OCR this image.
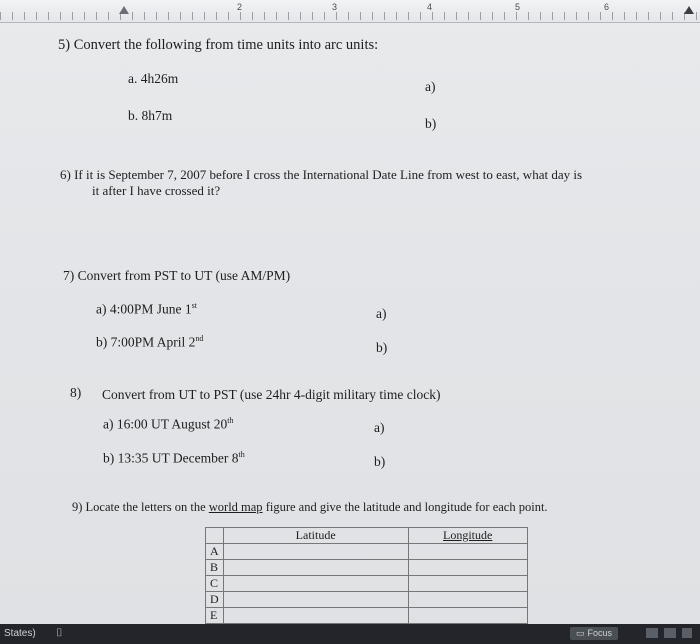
2	3	4	5	6
5) Convert the following from time units into arc units:
a. 4h26m
a)
b. 8h7m
b)
6) If it is September 7, 2007 before I cross the International Date Line from west to east, what day is
it after I have crossed it?
7) Convert from PST to UT (use AM/PM)
a) 4:00PM June 1st
a)
b) 7:00PM April 2nd
b)
8) Convert from UT to PST (use 24hr 4-digit military time clock)
a) 16:00 UT August 20th	a)
b) 13:35 UT December 8th	b)
9) Locate the letters on the world map figure and give the latitude and longitude for each point.
	Latitude	Longitude
A		
B		
C		
D		
E		
States) ⌷	▭ Focus
